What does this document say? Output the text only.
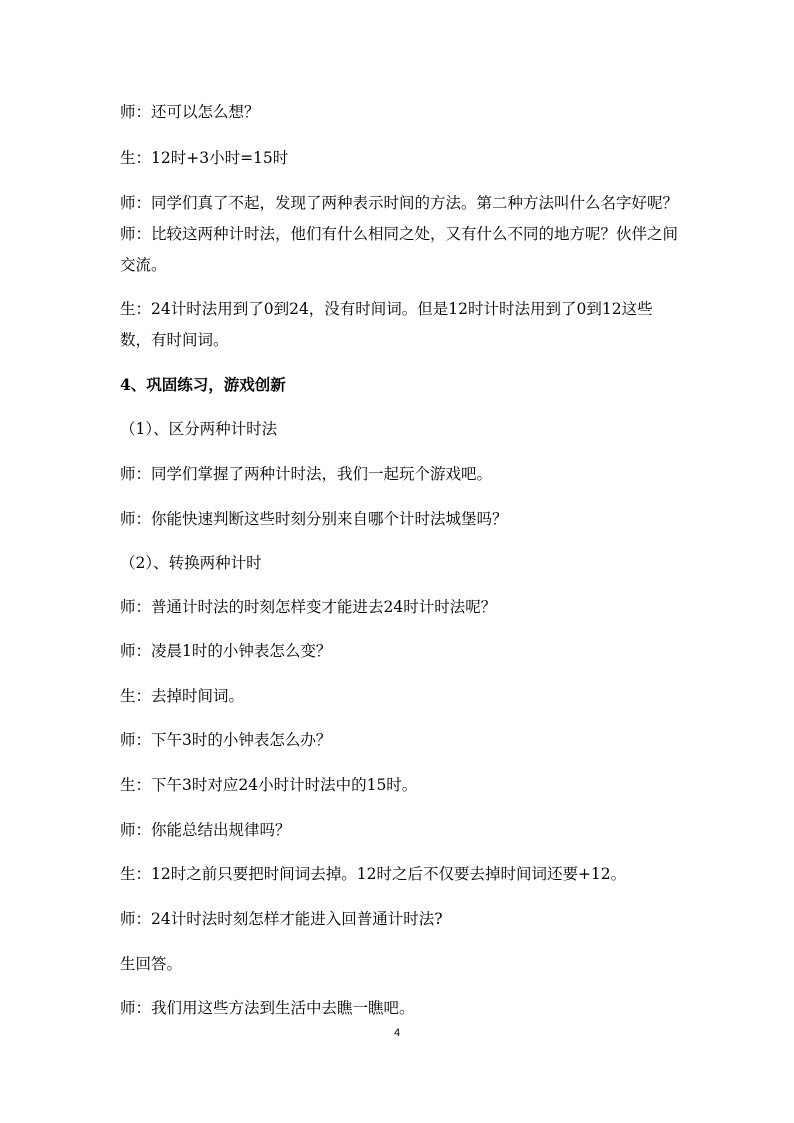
师：还可以怎么想？

生：12时+3小时=15时

师：同学们真了不起，发现了两种表示时间的方法。第二种方法叫什么名字好呢？师：比较这两种计时法，他们有什么相同之处，又有什么不同的地方呢？伙伴之间交流。

生：24计时法用到了0到24，没有时间词。但是12时计时法用到了0到12这些数，有时间词。

4、巩固练习，游戏创新

（1）、区分两种计时法

师：同学们掌握了两种计时法，我们一起玩个游戏吧。

师：你能快速判断这些时刻分别来自哪个计时法城堡吗？

（2）、转换两种计时

师：普通计时法的时刻怎样变才能进去24时计时法呢？

师：凌晨1时的小钟表怎么变？

生：去掉时间词。

师：下午3时的小钟表怎么办？

生：下午3时对应24小时计时法中的15时。

师：你能总结出规律吗？

生：12时之前只要把时间词去掉。12时之后不仅要去掉时间词还要+12。

师：24计时法时刻怎样才能进入回普通计时法?

生回答。

师：我们用这些方法到生活中去瞧一瞧吧。

4
